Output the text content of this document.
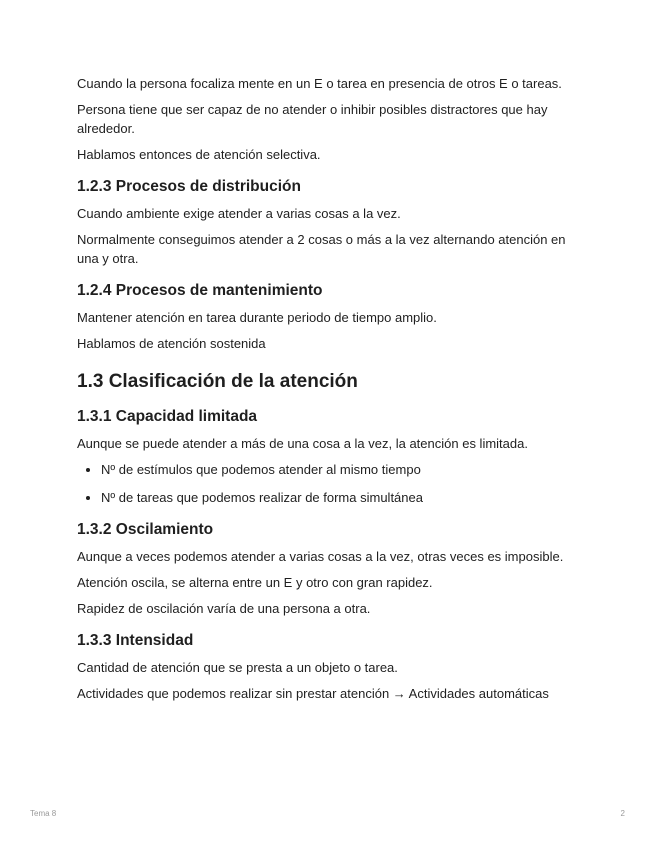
Cuando la persona focaliza mente en un E o tarea en presencia de otros E o tareas.

Persona tiene que ser capaz de no atender o inhibir posibles distractores que hay alrededor.

Hablamos entonces de atención selectiva.

1.2.3 Procesos de distribución

Cuando ambiente exige atender a varias cosas a la vez.

Normalmente conseguimos atender a 2 cosas o más a la vez alternando atención en una y otra.

1.2.4 Procesos de mantenimiento

Mantener atención en tarea durante periodo de tiempo amplio.

Hablamos de atención sostenida

1.3 Clasificación de la atención
1.3.1 Capacidad limitada

Aunque se puede atender a más de una cosa a la vez, la atención es limitada.

• Nº de estímulos que podemos atender al mismo tiempo
• Nº de tareas que podemos realizar de forma simultánea
1.3.2 Oscilamiento

Aunque a veces podemos atender a varias cosas a la vez, otras veces es imposible.

Atención oscila, se alterna entre un E y otro con gran rapidez.

Rapidez de oscilación varía de una persona a otra.

1.3.3 Intensidad

Cantidad de atención que se presta a un objeto o tarea.

Actividades que podemos realizar sin prestar atención → Actividades automáticas

Tema 8	2
